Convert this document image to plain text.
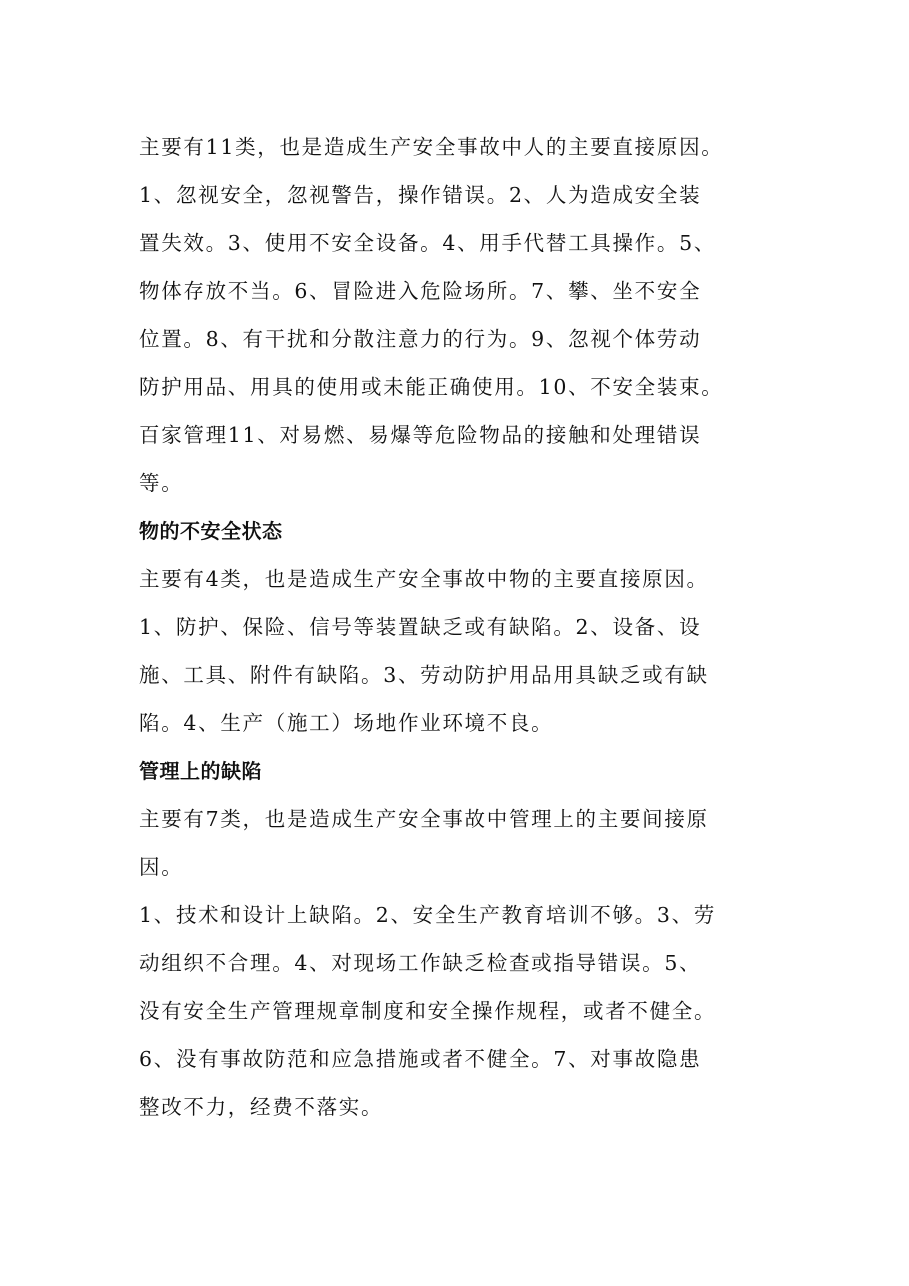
主要有11类，也是造成生产安全事故中人的主要直接原因。
1、忽视安全，忽视警告，操作错误。2、人为造成安全装
置失效。3、使用不安全设备。4、用手代替工具操作。5、
物体存放不当。6、冒险进入危险场所。7、攀、坐不安全
位置。8、有干扰和分散注意力的行为。9、忽视个体劳动
防护用品、用具的使用或未能正确使用。10、不安全装束。
百家管理11、对易燃、易爆等危险物品的接触和处理错误
等。
物的不安全状态
主要有4类，也是造成生产安全事故中物的主要直接原因。
1、防护、保险、信号等装置缺乏或有缺陷。2、设备、设
施、工具、附件有缺陷。3、劳动防护用品用具缺乏或有缺
陷。4、生产（施工）场地作业环境不良。
管理上的缺陷
主要有7类，也是造成生产安全事故中管理上的主要间接原
因。
1、技术和设计上缺陷。2、安全生产教育培训不够。3、劳
动组织不合理。4、对现场工作缺乏检查或指导错误。5、
没有安全生产管理规章制度和安全操作规程，或者不健全。
6、没有事故防范和应急措施或者不健全。7、对事故隐患
整改不力，经费不落实。
